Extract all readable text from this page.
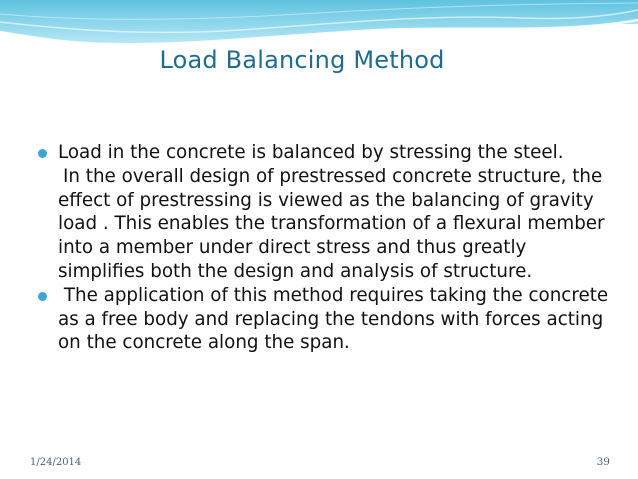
Load Balancing Method
Load in the concrete is balanced by stressing the steel.
In the overall design of prestressed concrete structure, the effect of prestressing is viewed as the balancing of gravity load . This enables the transformation of a flexural member into a member under direct stress and thus greatly simplifies both the design and analysis of structure.
The application of this method requires taking the concrete as a free body and replacing the tendons with forces acting on the concrete along the span.
1/24/2014	39
